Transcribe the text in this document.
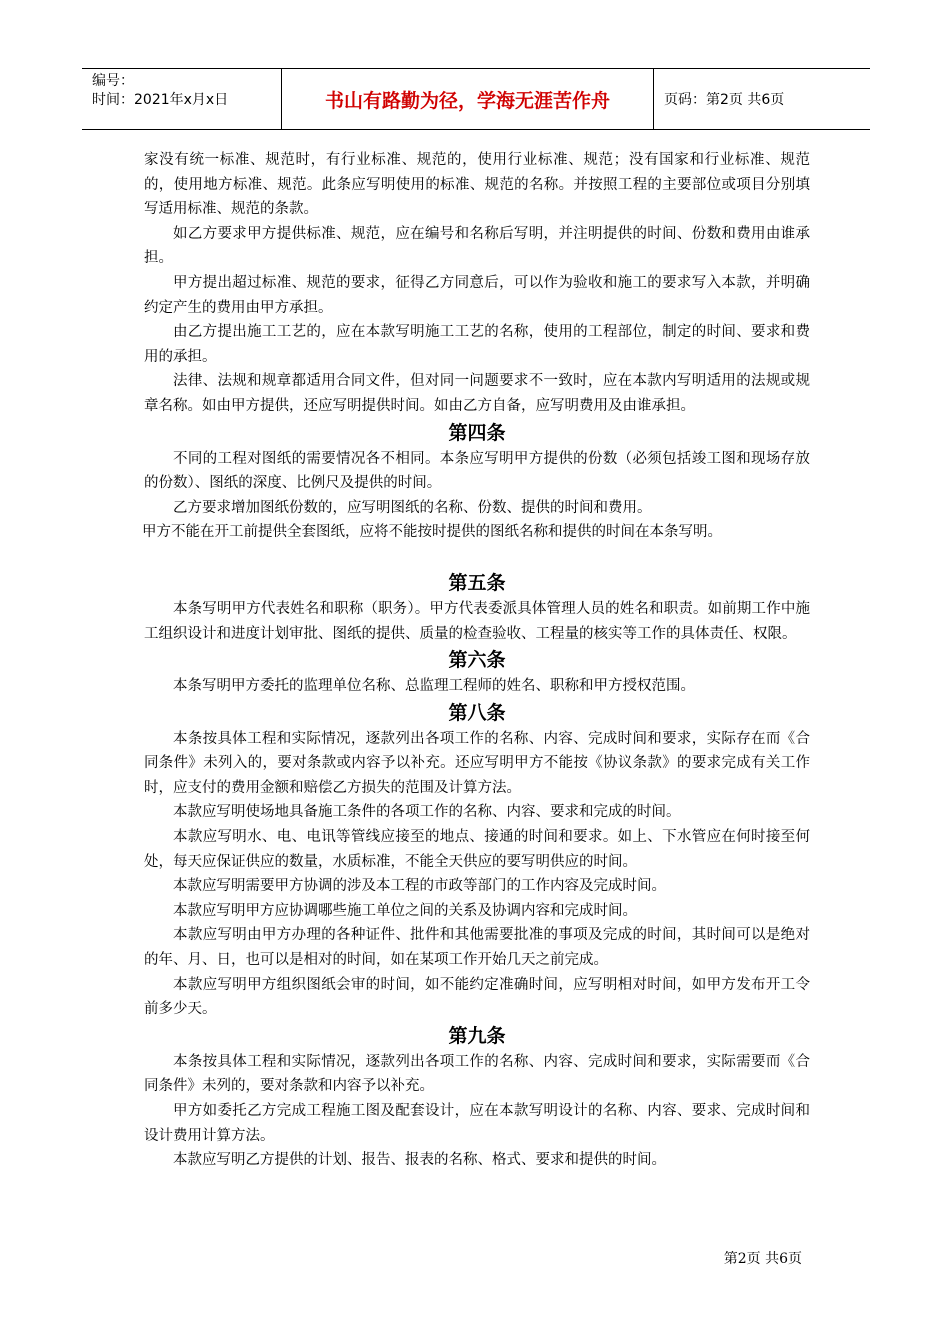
编号：
时间：2021年x月x日	书山有路勤为径，学海无涯苦作舟	页码：第2页 共6页

家没有统一标准、规范时，有行业标准、规范的，使用行业标准、规范；没有国家和行业标准、规范的，使用地方标准、规范。此条应写明使用的标准、规范的名称。并按照工程的主要部位或项目分别填写适用标准、规范的条款。

如乙方要求甲方提供标准、规范，应在编号和名称后写明，并注明提供的时间、份数和费用由谁承担。

甲方提出超过标准、规范的要求，征得乙方同意后，可以作为验收和施工的要求写入本款，并明确约定产生的费用由甲方承担。

由乙方提出施工工艺的，应在本款写明施工工艺的名称，使用的工程部位，制定的时间、要求和费用的承担。

法律、法规和规章都适用合同文件，但对同一问题要求不一致时，应在本款内写明适用的法规或规章名称。如由甲方提供，还应写明提供时间。如由乙方自备，应写明费用及由谁承担。

第四条

不同的工程对图纸的需要情况各不相同。本条应写明甲方提供的份数（必须包括竣工图和现场存放的份数）、图纸的深度、比例尺及提供的时间。

乙方要求增加图纸份数的，应写明图纸的名称、份数、提供的时间和费用。

甲方不能在开工前提供全套图纸，应将不能按时提供的图纸名称和提供的时间在本条写明。

第五条

本条写明甲方代表姓名和职称（职务）。甲方代表委派具体管理人员的姓名和职责。如前期工作中施工组织设计和进度计划审批、图纸的提供、质量的检查验收、工程量的核实等工作的具体责任、权限。

第六条

本条写明甲方委托的监理单位名称、总监理工程师的姓名、职称和甲方授权范围。

第八条

本条按具体工程和实际情况，逐款列出各项工作的名称、内容、完成时间和要求，实际存在而《合同条件》未列入的，要对条款或内容予以补充。还应写明甲方不能按《协议条款》的要求完成有关工作时，应支付的费用金额和赔偿乙方损失的范围及计算方法。

本款应写明使场地具备施工条件的各项工作的名称、内容、要求和完成的时间。

本款应写明水、电、电讯等管线应接至的地点、接通的时间和要求。如上、下水管应在何时接至何处，每天应保证供应的数量，水质标准，不能全天供应的要写明供应的时间。

本款应写明需要甲方协调的涉及本工程的市政等部门的工作内容及完成时间。

本款应写明甲方应协调哪些施工单位之间的关系及协调内容和完成时间。

本款应写明由甲方办理的各种证件、批件和其他需要批准的事项及完成的时间，其时间可以是绝对的年、月、日，也可以是相对的时间，如在某项工作开始几天之前完成。

本款应写明甲方组织图纸会审的时间，如不能约定准确时间，应写明相对时间，如甲方发布开工令前多少天。

第九条

本条按具体工程和实际情况，逐款列出各项工作的名称、内容、完成时间和要求，实际需要而《合同条件》未列的，要对条款和内容予以补充。

甲方如委托乙方完成工程施工图及配套设计，应在本款写明设计的名称、内容、要求、完成时间和设计费用计算方法。

本款应写明乙方提供的计划、报告、报表的名称、格式、要求和提供的时间。

第2页 共6页
